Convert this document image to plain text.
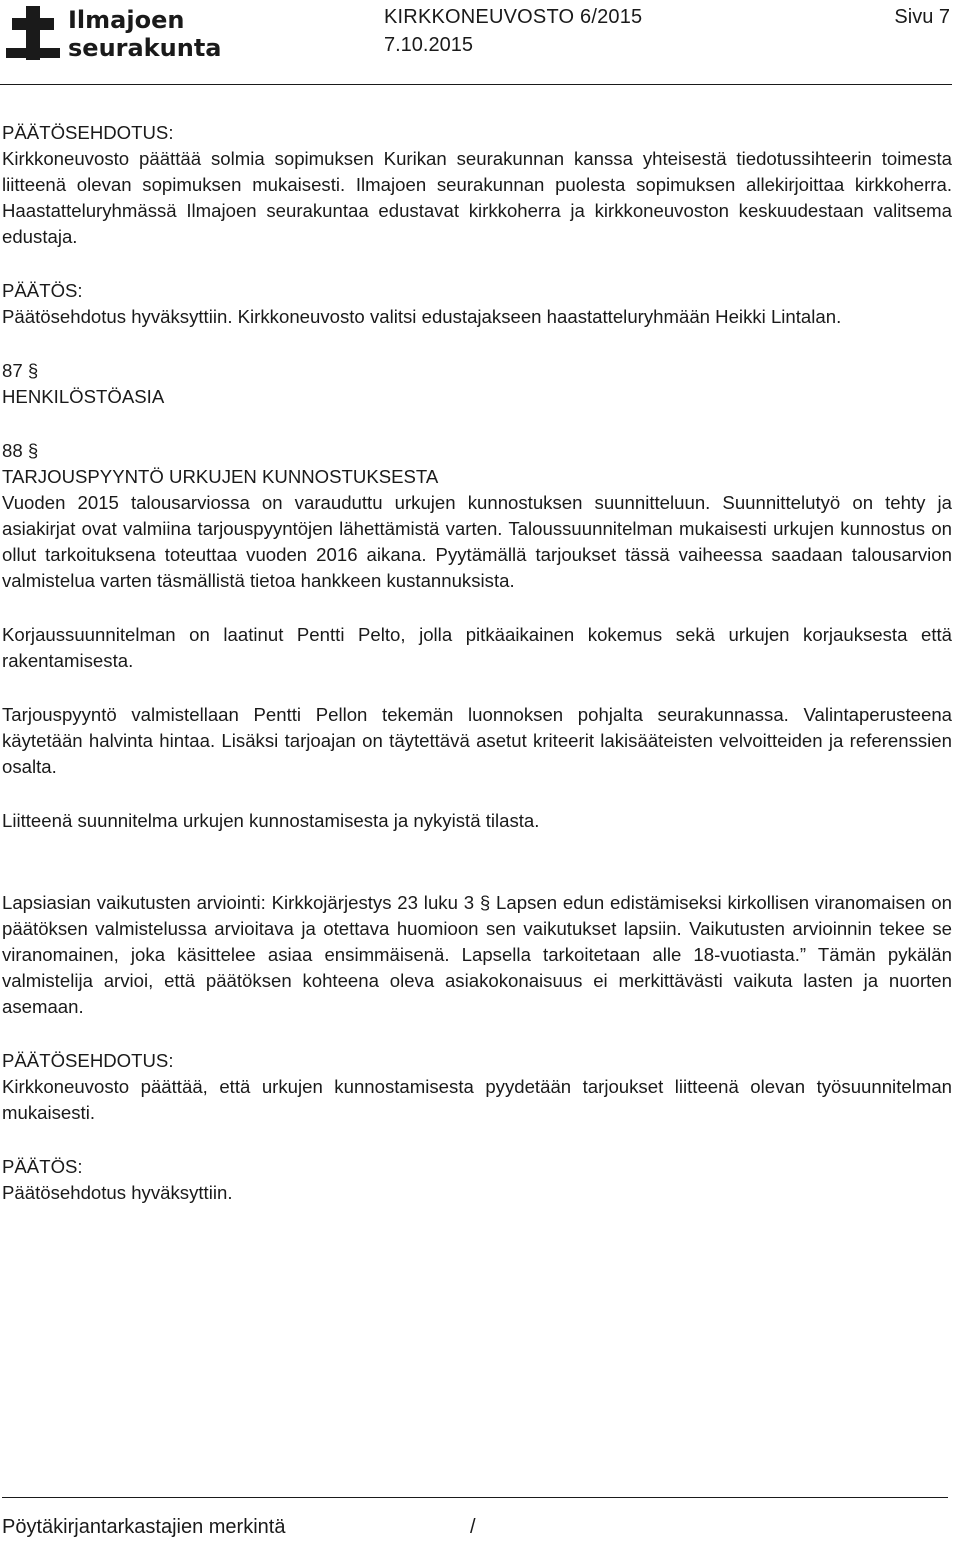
Ilmajoen
seurakunta
KIRKKONEUVOSTO 6/2015
7.10.2015
Sivu 7
PÄÄTÖSEHDOTUS:

Kirkkoneuvosto päättää solmia sopimuksen Kurikan seurakunnan kanssa yhteisestä tiedotussihteerin toimesta liitteenä olevan sopimuksen mukaisesti. Ilmajoen seurakunnan puolesta sopimuksen allekirjoittaa kirkkoherra. Haastatteluryhmässä Ilmajoen seurakuntaa edustavat kirkkoherra ja kirkkoneuvoston keskuudestaan valitsema edustaja.

PÄÄTÖS:

Päätösehdotus hyväksyttiin. Kirkkoneuvosto valitsi edustajakseen haastatteluryhmään Heikki Lintalan.

87 §
HENKILÖSTÖASIA
88 §
TARJOUSPYYNTÖ URKUJEN KUNNOSTUKSESTA

Vuoden 2015 talousarviossa on varauduttu urkujen kunnostuksen suunnitteluun. Suunnittelutyö on tehty ja asiakirjat ovat valmiina tarjouspyyntöjen lähettämistä varten. Taloussuunnitelman mukaisesti urkujen kunnostus on ollut tarkoituksena toteuttaa vuoden 2016 aikana. Pyytämällä tarjoukset tässä vaiheessa saadaan talousarvion valmistelua varten täsmällistä tietoa hankkeen kustannuksista.

Korjaussuunnitelman on laatinut Pentti Pelto, jolla pitkäaikainen kokemus sekä urkujen korjauksesta että rakentamisesta.

Tarjouspyyntö valmistellaan Pentti Pellon tekemän luonnoksen pohjalta seurakunnassa. Valintaperusteena käytetään halvinta hintaa. Lisäksi tarjoajan on täytettävä asetut kriteerit lakisääteisten velvoitteiden ja referenssien osalta.

Liitteenä suunnitelma urkujen kunnostamisesta ja nykyistä tilasta.

Lapsiasian vaikutusten arviointi: Kirkkojärjestys 23 luku 3 § Lapsen edun edistämiseksi kirkollisen viranomaisen on päätöksen valmistelussa arvioitava ja otettava huomioon sen vaikutukset lapsiin. Vaikutusten arvioinnin tekee se viranomainen, joka käsittelee asiaa ensimmäisenä. Lapsella tarkoitetaan alle 18-vuotiasta.” Tämän pykälän valmistelija arvioi, että päätöksen kohteena oleva asiakokonaisuus ei merkittävästi vaikuta lasten ja nuorten asemaan.

PÄÄTÖSEHDOTUS:

Kirkkoneuvosto päättää, että urkujen kunnostamisesta pyydetään tarjoukset liitteenä olevan työsuunnitelman mukaisesti.

PÄÄTÖS:

Päätösehdotus hyväksyttiin.

Pöytäkirjantarkastajien merkintä	/
